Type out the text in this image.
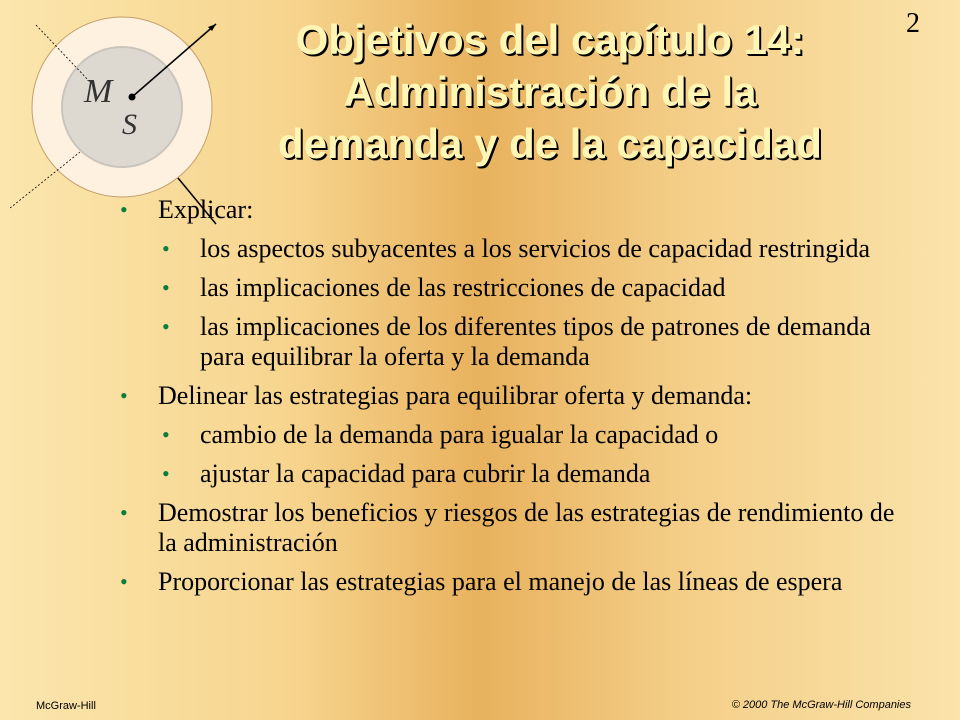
2
Objetivos del capítulo 14:
Administración de la
demanda y de la capacidad
M
S
• Explicar:
• los aspectos subyacentes a los servicios de capacidad restringida
• las implicaciones de las restricciones de capacidad
• las implicaciones de los diferentes tipos de patrones de demanda para equilibrar la oferta y la demanda
• Delinear las estrategias para equilibrar oferta y demanda:
• cambio de la demanda para igualar la capacidad o
• ajustar la capacidad para cubrir la demanda
• Demostrar los beneficios y riesgos de las estrategias de rendimiento de la administración
• Proporcionar las estrategias para el manejo de las líneas de espera
McGraw-Hill	© 2000 The McGraw-Hill Companies
